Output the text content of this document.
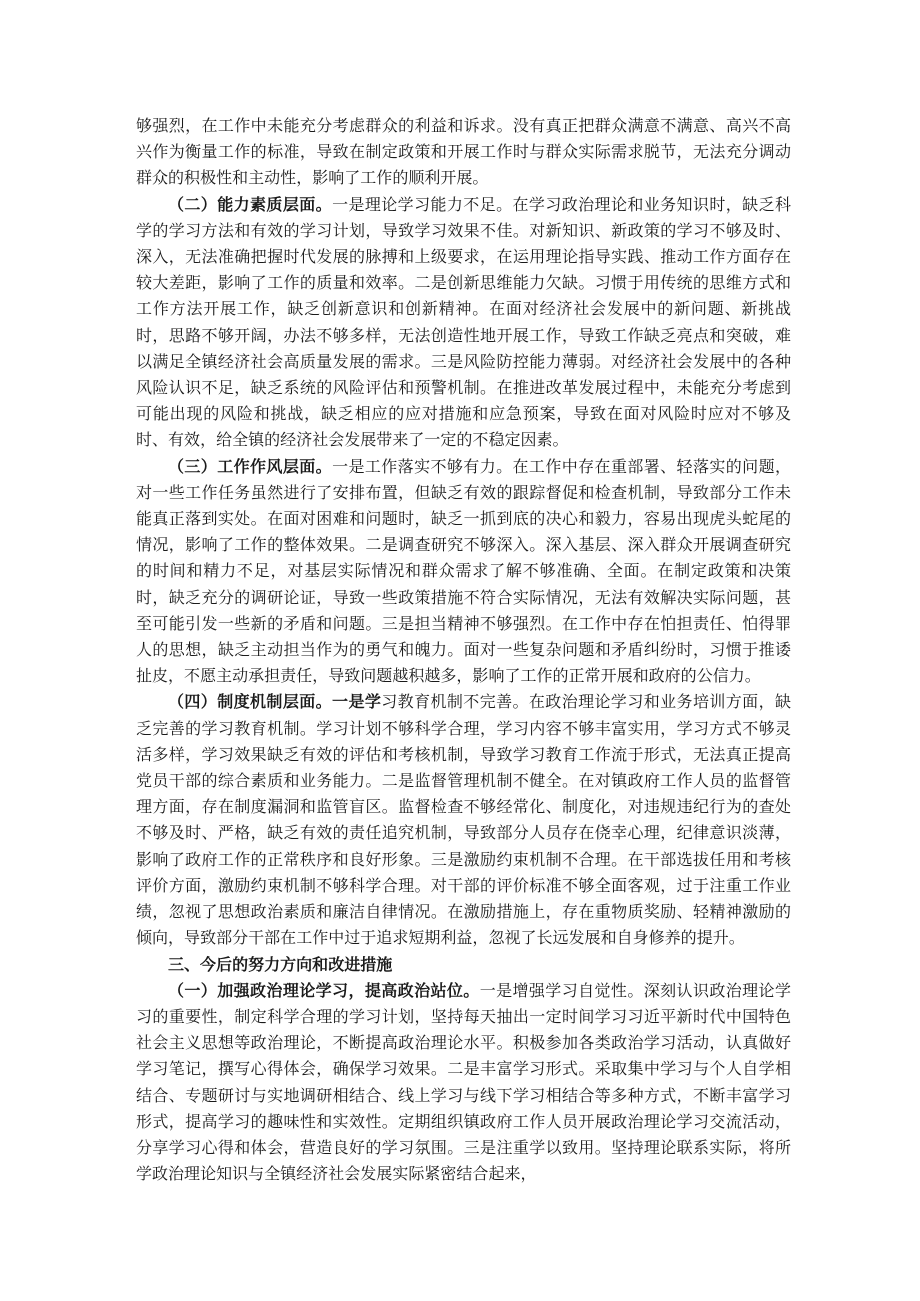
够强烈，在工作中未能充分考虑群众的利益和诉求。没有真正把群众满意不满意、高兴不高兴作为衡量工作的标准，导致在制定政策和开展工作时与群众实际需求脱节，无法充分调动群众的积极性和主动性，影响了工作的顺利开展。

（二）能力素质层面。一是理论学习能力不足。在学习政治理论和业务知识时，缺乏科学的学习方法和有效的学习计划，导致学习效果不佳。对新知识、新政策的学习不够及时、深入，无法准确把握时代发展的脉搏和上级要求，在运用理论指导实践、推动工作方面存在较大差距，影响了工作的质量和效率。二是创新思维能力欠缺。习惯于用传统的思维方式和工作方法开展工作，缺乏创新意识和创新精神。在面对经济社会发展中的新问题、新挑战时，思路不够开阔，办法不够多样，无法创造性地开展工作，导致工作缺乏亮点和突破，难以满足全镇经济社会高质量发展的需求。三是风险防控能力薄弱。对经济社会发展中的各种风险认识不足，缺乏系统的风险评估和预警机制。在推进改革发展过程中，未能充分考虑到可能出现的风险和挑战，缺乏相应的应对措施和应急预案，导致在面对风险时应对不够及时、有效，给全镇的经济社会发展带来了一定的不稳定因素。

（三）工作作风层面。一是工作落实不够有力。在工作中存在重部署、轻落实的问题，对一些工作任务虽然进行了安排布置，但缺乏有效的跟踪督促和检查机制，导致部分工作未能真正落到实处。在面对困难和问题时，缺乏一抓到底的决心和毅力，容易出现虎头蛇尾的情况，影响了工作的整体效果。二是调查研究不够深入。深入基层、深入群众开展调查研究的时间和精力不足，对基层实际情况和群众需求了解不够准确、全面。在制定政策和决策时，缺乏充分的调研论证，导致一些政策措施不符合实际情况，无法有效解决实际问题，甚至可能引发一些新的矛盾和问题。三是担当精神不够强烈。在工作中存在怕担责任、怕得罪人的思想，缺乏主动担当作为的勇气和魄力。面对一些复杂问题和矛盾纠纷时，习惯于推诿扯皮，不愿主动承担责任，导致问题越积越多，影响了工作的正常开展和政府的公信力。

（四）制度机制层面。一是学习教育机制不完善。在政治理论学习和业务培训方面，缺乏完善的学习教育机制。学习计划不够科学合理，学习内容不够丰富实用，学习方式不够灵活多样，学习效果缺乏有效的评估和考核机制，导致学习教育工作流于形式，无法真正提高党员干部的综合素质和业务能力。二是监督管理机制不健全。在对镇政府工作人员的监督管理方面，存在制度漏洞和监管盲区。监督检查不够经常化、制度化，对违规违纪行为的查处不够及时、严格，缺乏有效的责任追究机制，导致部分人员存在侥幸心理，纪律意识淡薄，影响了政府工作的正常秩序和良好形象。三是激励约束机制不合理。在干部选拔任用和考核评价方面，激励约束机制不够科学合理。对干部的评价标准不够全面客观，过于注重工作业绩，忽视了思想政治素质和廉洁自律情况。在激励措施上，存在重物质奖励、轻精神激励的倾向，导致部分干部在工作中过于追求短期利益，忽视了长远发展和自身修养的提升。

三、今后的努力方向和改进措施

（一）加强政治理论学习，提高政治站位。一是增强学习自觉性。深刻认识政治理论学习的重要性，制定科学合理的学习计划，坚持每天抽出一定时间学习习近平新时代中国特色社会主义思想等政治理论，不断提高政治理论水平。积极参加各类政治学习活动，认真做好学习笔记，撰写心得体会，确保学习效果。二是丰富学习形式。采取集中学习与个人自学相结合、专题研讨与实地调研相结合、线上学习与线下学习相结合等多种方式，不断丰富学习形式，提高学习的趣味性和实效性。定期组织镇政府工作人员开展政治理论学习交流活动，分享学习心得和体会，营造良好的学习氛围。三是注重学以致用。坚持理论联系实际，将所学政治理论知识与全镇经济社会发展实际紧密结合起来，
